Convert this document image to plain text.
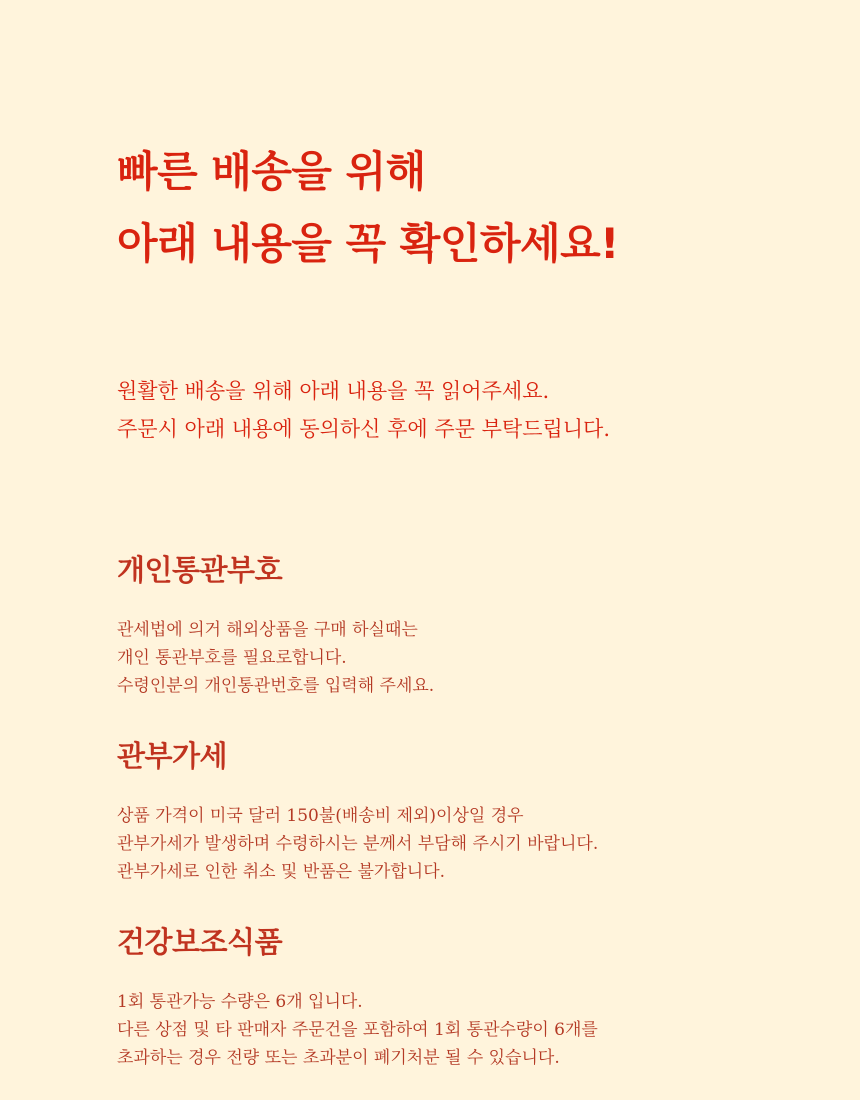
빠른 배송을 위해
아래 내용을 꼭 확인하세요!
원활한 배송을 위해 아래 내용을 꼭 읽어주세요.
주문시 아래 내용에 동의하신 후에 주문 부탁드립니다.
개인통관부호

관세법에 의거 해외상품을 구매 하실때는
개인 통관부호를 필요로합니다.
수령인분의 개인통관번호를 입력해 주세요.

관부가세

상품 가격이 미국 달러 150불(배송비 제외)이상일 경우
관부가세가 발생하며 수령하시는 분께서 부담해 주시기 바랍니다.
관부가세로 인한 취소 및 반품은 불가합니다.

건강보조식품

1회 통관가능 수량은 6개 입니다.
다른 상점 및 타 판매자 주문건을 포함하여 1회 통관수량이 6개를
초과하는 경우 전량 또는 초과분이 폐기처분 될 수 있습니다.
